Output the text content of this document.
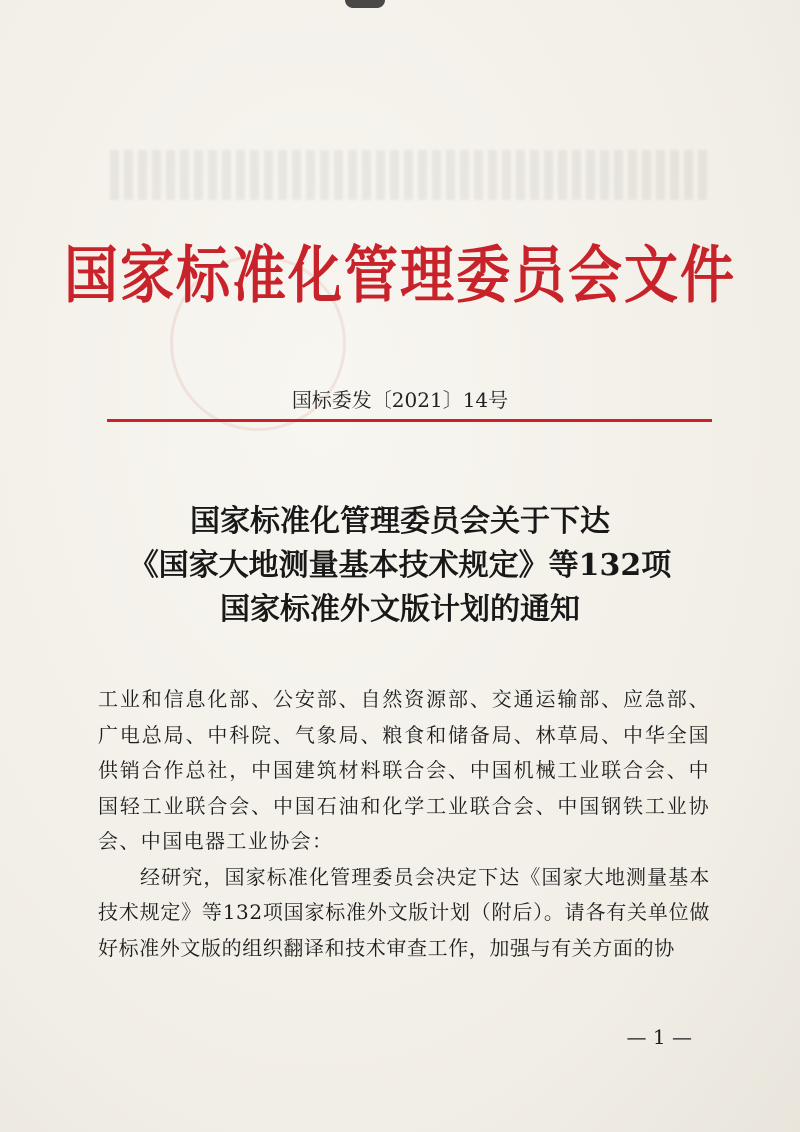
国家标准化管理委员会文件
国标委发〔2021〕14号
国家标准化管理委员会关于下达
《国家大地测量基本技术规定》等132项
国家标准外文版计划的通知
工业和信息化部、公安部、自然资源部、交通运输部、应急部、广电总局、中科院、气象局、粮食和储备局、林草局、中华全国供销合作总社，中国建筑材料联合会、中国机械工业联合会、中国轻工业联合会、中国石油和化学工业联合会、中国钢铁工业协会、中国电器工业协会：
经研究，国家标准化管理委员会决定下达《国家大地测量基本技术规定》等132项国家标准外文版计划（附后）。请各有关单位做好标准外文版的组织翻译和技术审查工作，加强与有关方面的协
— 1 —
